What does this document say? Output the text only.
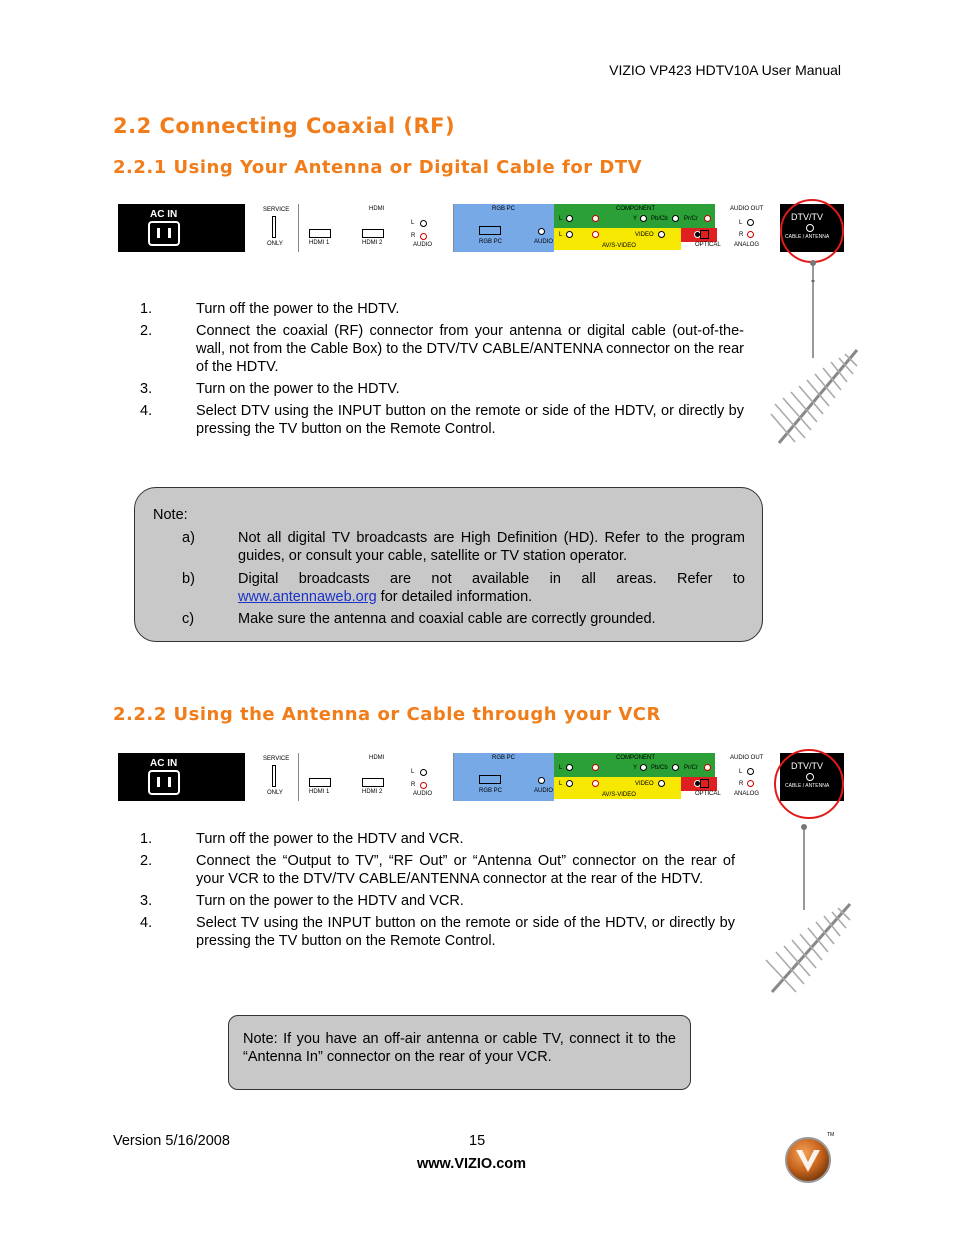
VIZIO VP423 HDTV10A User Manual
2.2 Connecting Coaxial (RF)
2.2.1 Using Your Antenna or Digital Cable for DTV
AC IN	SERVICE
ONLY
HDMI
HDMI 1	HDMI 2
L
R
AUDIO
RGB PC
RGB PC	AUDIO
COMPONENT
L	Y Pb/Cb	Pr/Cr
L	VIDEO
AV/S-VIDEO
AUDIO OUT
OPTICAL
L
R
ANALOG
DTV/TV
CABLE / ANTENNA
1.	Turn off the power to the HDTV.
2.	Connect the coaxial (RF) connector from your antenna or digital cable (out-of-the-wall, not from the Cable Box) to the DTV/TV CABLE/ANTENNA connector on the rear of the HDTV.
3.	Turn on the power to the HDTV.
4.	Select DTV using the INPUT button on the remote or side of the HDTV, or directly by pressing the TV button on the Remote Control.
Note:
a)	Not all digital TV broadcasts are High Definition (HD). Refer to the program guides, or consult your cable, satellite or TV station operator.
b)	Digital broadcasts are not available in all areas. Refer to
www.antennaweb.org for detailed information.
c)	Make sure the antenna and coaxial cable are correctly grounded.
2.2.2 Using the Antenna or Cable through your VCR
AC IN	SERVICE
ONLY
HDMI
HDMI 1	HDMI 2
L
R
AUDIO
RGB PC
RGB PC	AUDIO
COMPONENT
L	Y Pb/Cb	Pr/Cr
L	VIDEO
AV/S-VIDEO
AUDIO OUT
OPTICAL
L
R
ANALOG
DTV/TV
CABLE / ANTENNA
1.	Turn off the power to the HDTV and VCR.
2.	Connect the “Output to TV”, “RF Out” or “Antenna Out” connector on the rear of your VCR to the DTV/TV CABLE/ANTENNA connector at the rear of the HDTV.
3.	Turn on the power to the HDTV and VCR.
4.	Select TV using the INPUT button on the remote or side of the HDTV, or directly by pressing the TV button on the Remote Control.
Note: If you have an off-air antenna or cable TV, connect it to the “Antenna In” connector on the rear of your VCR.
Version 5/16/2008	15
www.VIZIO.com
TM
